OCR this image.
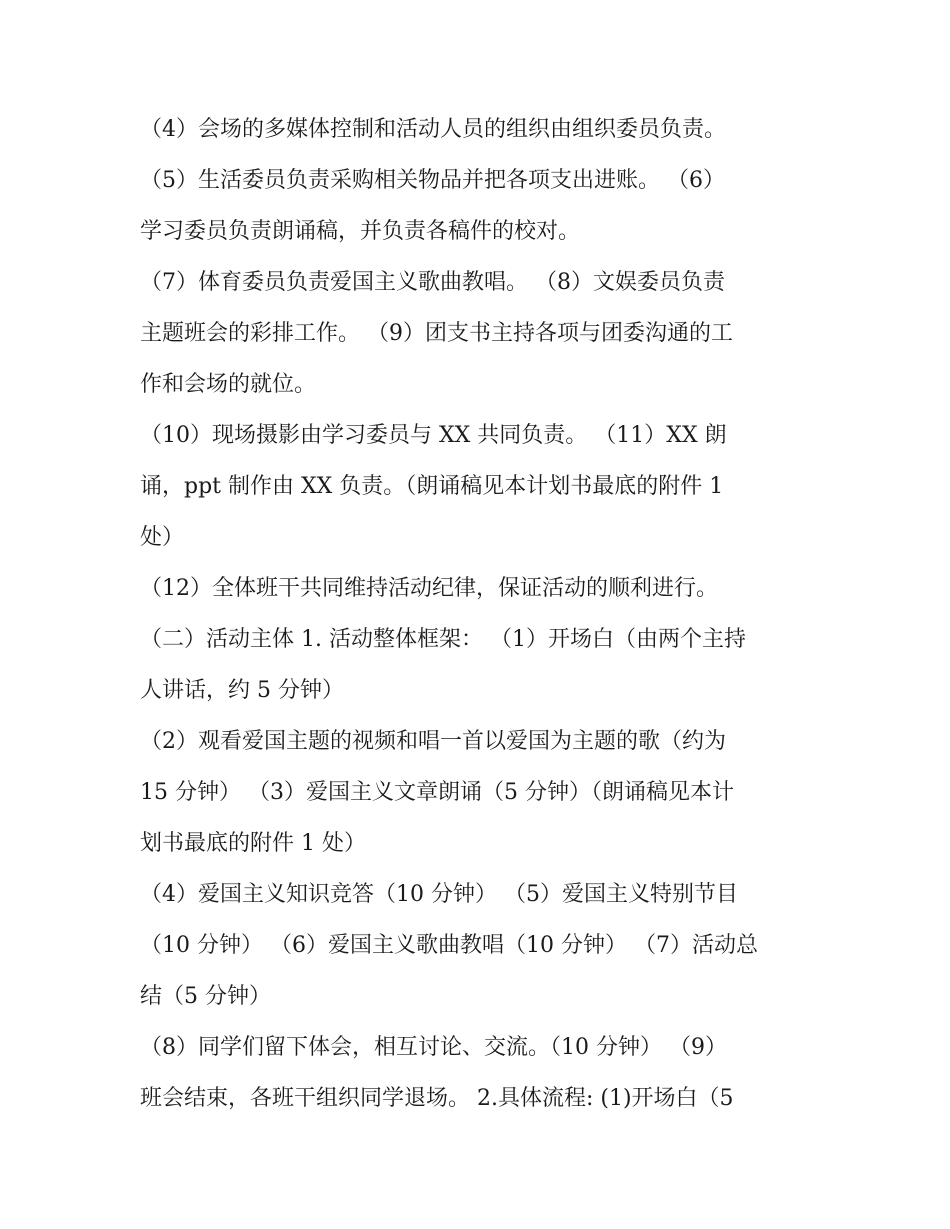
（4）会场的多媒体控制和活动人员的组织由组织委员负责。
（5）生活委员负责采购相关物品并把各项支出进账。 （6）
学习委员负责朗诵稿，并负责各稿件的校对。
（7）体育委员负责爱国主义歌曲教唱。 （8）文娱委员负责
主题班会的彩排工作。 （9）团支书主持各项与团委沟通的工
作和会场的就位。
（10）现场摄影由学习委员与 XX 共同负责。 （11）XX 朗
诵，ppt 制作由 XX 负责。（朗诵稿见本计划书最底的附件 1
处）
（12）全体班干共同维持活动纪律，保证活动的顺利进行。
（二）活动主体 1. 活动整体框架： （1）开场白（由两个主持
人讲话，约 5 分钟）
（2）观看爱国主题的视频和唱一首以爱国为主题的歌（约为
15 分钟） （3）爱国主义文章朗诵（5 分钟）（朗诵稿见本计
划书最底的附件 1 处）
（4）爱国主义知识竞答（10 分钟） （5）爱国主义特别节目
（10 分钟） （6）爱国主义歌曲教唱（10 分钟） （7）活动总
结（5 分钟）
（8）同学们留下体会，相互讨论、交流。（10 分钟） （9）
班会结束，各班干组织同学退场。 2.具体流程: (1)开场白（5
